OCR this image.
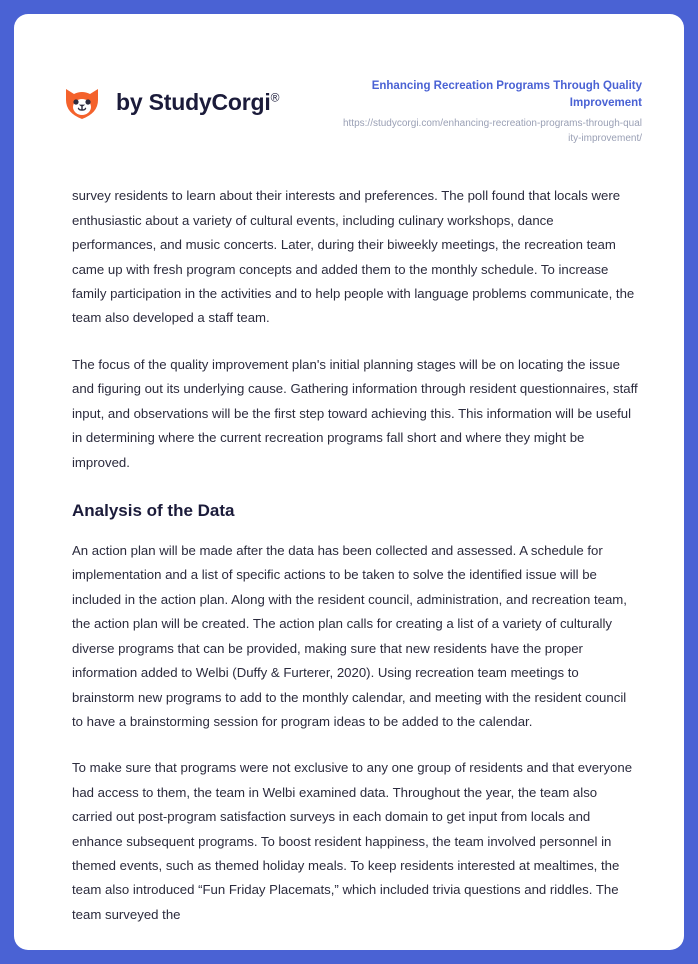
by StudyCorgi®

Enhancing Recreation Programs Through Quality Improvement

https://studycorgi.com/enhancing-recreation-programs-through-quality-improvement/

survey residents to learn about their interests and preferences. The poll found that locals were enthusiastic about a variety of cultural events, including culinary workshops, dance performances, and music concerts. Later, during their biweekly meetings, the recreation team came up with fresh program concepts and added them to the monthly schedule. To increase family participation in the activities and to help people with language problems communicate, the team also developed a staff team.

The focus of the quality improvement plan's initial planning stages will be on locating the issue and figuring out its underlying cause. Gathering information through resident questionnaires, staff input, and observations will be the first step toward achieving this. This information will be useful in determining where the current recreation programs fall short and where they might be improved.

Analysis of the Data

An action plan will be made after the data has been collected and assessed. A schedule for implementation and a list of specific actions to be taken to solve the identified issue will be included in the action plan. Along with the resident council, administration, and recreation team, the action plan will be created. The action plan calls for creating a list of a variety of culturally diverse programs that can be provided, making sure that new residents have the proper information added to Welbi (Duffy & Furterer, 2020). Using recreation team meetings to brainstorm new programs to add to the monthly calendar, and meeting with the resident council to have a brainstorming session for program ideas to be added to the calendar.

To make sure that programs were not exclusive to any one group of residents and that everyone had access to them, the team in Welbi examined data. Throughout the year, the team also carried out post-program satisfaction surveys in each domain to get input from locals and enhance subsequent programs. To boost resident happiness, the team involved personnel in themed events, such as themed holiday meals. To keep residents interested at mealtimes, the team also introduced “Fun Friday Placemats,” which included trivia questions and riddles. The team surveyed the
